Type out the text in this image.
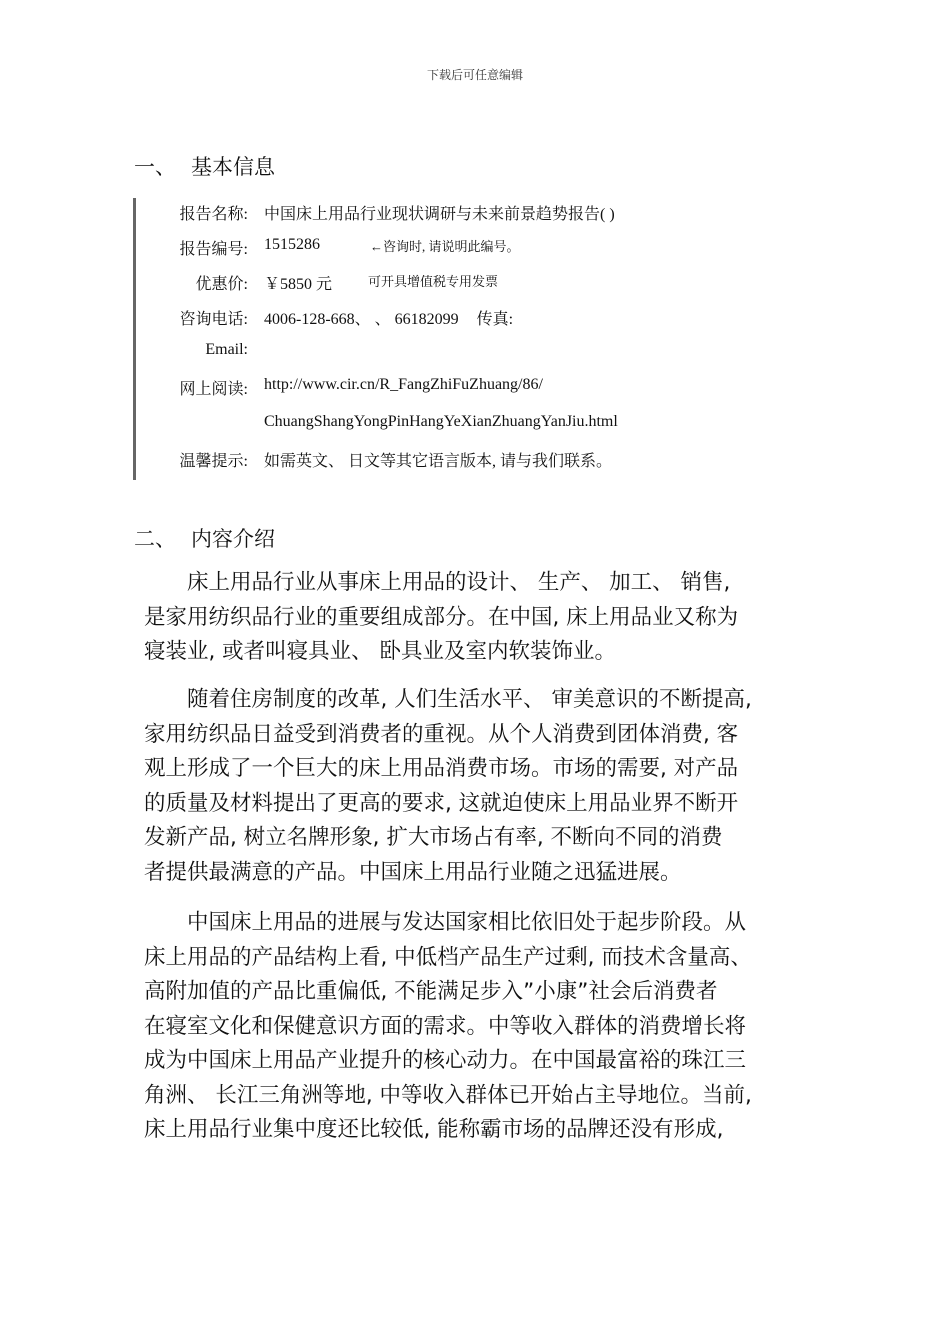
下载后可任意编辑
一、 基本信息
报告名称: 中国床上用品行业现状调研与未来前景趋势报告( )
报告编号: 1515286	←咨询时, 请说明此编号。
优惠价: ￥5850 元	可开具增值税专用发票
咨询电话: 4006-128-668、 、 66182099 传真:
Email:
网上阅读: http://www.cir.cn/R_FangZhiFuZhuang/86/
ChuangShangYongPinHangYeXianZhuangYanJiu.html
温馨提示: 如需英文、 日文等其它语言版本, 请与我们联系。
二、 内容介绍
　　床上用品行业从事床上用品的设计、 生产、 加工、 销售,
是家用纺织品行业的重要组成部分。在中国, 床上用品业又称为
寝装业, 或者叫寝具业、 卧具业及室内软装饰业。
　　随着住房制度的改革, 人们生活水平、 审美意识的不断提高,
家用纺织品日益受到消费者的重视。从个人消费到团体消费, 客
观上形成了一个巨大的床上用品消费市场。市场的需要, 对产品
的质量及材料提出了更高的要求, 这就迫使床上用品业界不断开
发新产品, 树立名牌形象, 扩大市场占有率, 不断向不同的消费
者提供最满意的产品。中国床上用品行业随之迅猛进展。
　　中国床上用品的进展与发达国家相比依旧处于起步阶段。从
床上用品的产品结构上看, 中低档产品生产过剩, 而技术含量高、
高附加值的产品比重偏低, 不能满足步入”小康”社会后消费者
在寝室文化和保健意识方面的需求。中等收入群体的消费增长将
成为中国床上用品产业提升的核心动力。在中国最富裕的珠江三
角洲、 长江三角洲等地, 中等收入群体已开始占主导地位。当前,
床上用品行业集中度还比较低, 能称霸市场的品牌还没有形成,
